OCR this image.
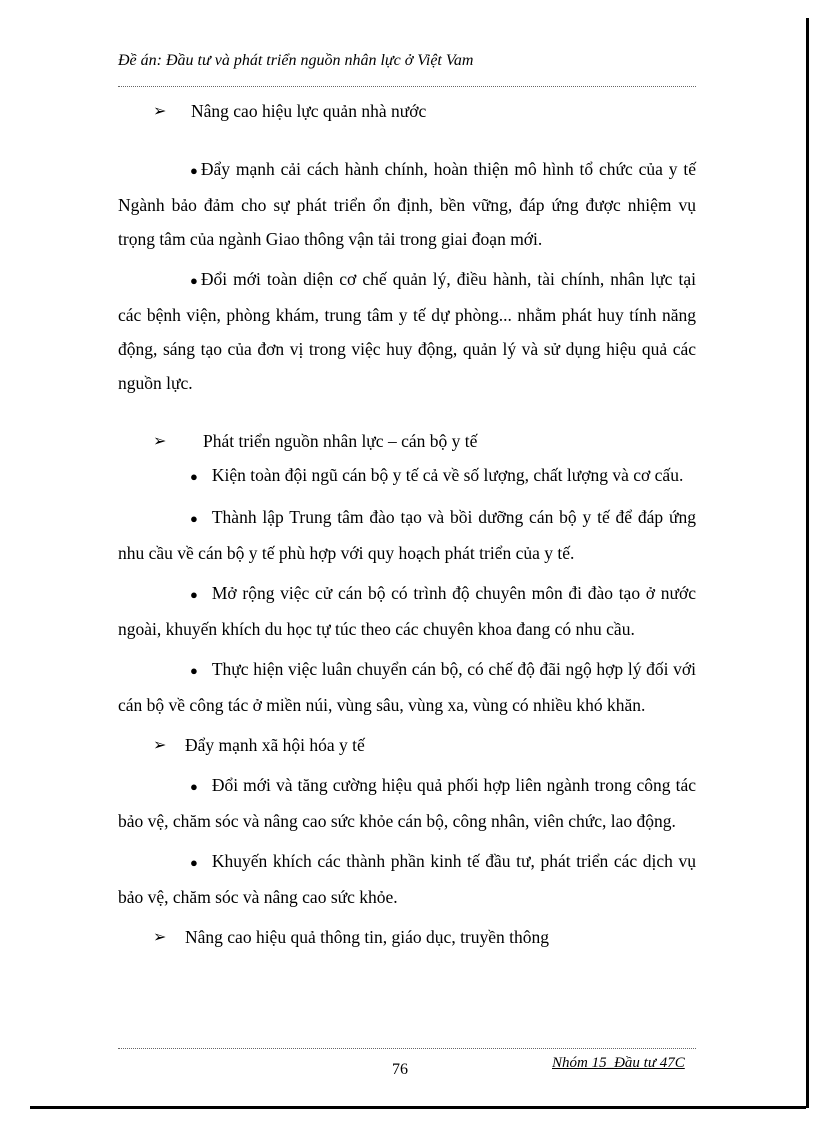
Đề án: Đầu tư và phát triển nguồn nhân lực ở Việt Vam
➢	Nâng cao hiệu lực quản nhà nước

● Đẩy mạnh cải cách hành chính, hoàn thiện mô hình tổ chức của y tế Ngành bảo đảm cho sự phát triển ổn định, bền vững, đáp ứng được nhiệm vụ trọng tâm của ngành Giao thông vận tải trong giai đoạn mới.

● Đổi mới toàn diện cơ chế quản lý, điều hành, tài chính, nhân lực tại các bệnh viện, phòng khám, trung tâm y tế dự phòng... nhằm phát huy tính năng động, sáng tạo của đơn vị trong việc huy động, quản lý và sử dụng hiệu quả các nguồn lực.

➢	Phát triển nguồn nhân lực – cán bộ y tế

● Kiện toàn đội ngũ cán bộ y tế cả về số lượng, chất lượng và cơ cấu.

● Thành lập Trung tâm đào tạo và bồi dưỡng cán bộ y tế để đáp ứng nhu cầu về cán bộ y tế phù hợp với quy hoạch phát triển của y tế.

● Mở rộng việc cử cán bộ có trình độ chuyên môn đi đào tạo ở nước ngoài, khuyến khích du học tự túc theo các chuyên khoa đang có nhu cầu.

● Thực hiện việc luân chuyển cán bộ, có chế độ đãi ngộ hợp lý đối với cán bộ về công tác ở miền núi, vùng sâu, vùng xa, vùng có nhiều khó khăn.

➢	Đẩy mạnh xã hội hóa y tế

● Đổi mới và tăng cường hiệu quả phối hợp liên ngành trong công tác bảo vệ, chăm sóc và nâng cao sức khỏe cán bộ, công nhân, viên chức, lao động.

● Khuyến khích các thành phần kinh tế đầu tư, phát triển các dịch vụ bảo vệ, chăm sóc và nâng cao sức khỏe.

➢	Nâng cao hiệu quả thông tin, giáo dục, truyền thông
76	Nhóm 15_Đầu tư 47C
